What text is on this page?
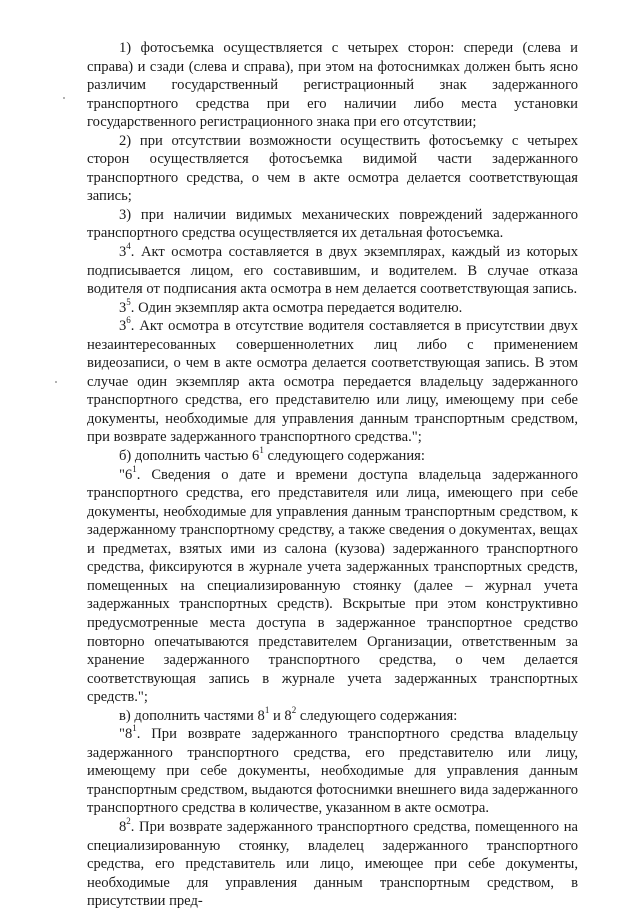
1) фотосъемка осуществляется с четырех сторон: спереди (слева и справа) и сзади (слева и справа), при этом на фотоснимках должен быть ясно различим государственный регистрационный знак задержанного транспортного средства при его наличии либо места установки государственного регистрационного знака при его отсутствии;

2) при отсутствии возможности осуществить фотосъемку с четырех сторон осуществляется фотосъемка видимой части задержанного транспортного средства, о чем в акте осмотра делается соответствующая запись;

3) при наличии видимых механических повреждений задержанного транспортного средства осуществляется их детальная фотосъемка.

$3^4$. Акт осмотра составляется в двух экземплярах, каждый из которых подписывается лицом, его составившим, и водителем. В случае отказа водителя от подписания акта осмотра в нем делается соответствующая запись.

$3^5$. Один экземпляр акта осмотра передается водителю.

$3^6$. Акт осмотра в отсутствие водителя составляется в присутствии двух незаинтересованных совершеннолетних лиц либо с применением видеозаписи, о чем в акте осмотра делается соответствующая запись. В этом случае один экземпляр акта осмотра передается владельцу задержанного транспортного средства, его представителю или лицу, имеющему при себе документы, необходимые для управления данным транспортным средством, при возврате задержанного транспортного средства.";

б) дополнить частью $6^1$ следующего содержания:

"$6^1$. Сведения о дате и времени доступа владельца задержанного транспортного средства, его представителя или лица, имеющего при себе документы, необходимые для управления данным транспортным средством, к задержанному транспортному средству, а также сведения о документах, вещах и предметах, взятых ими из салона (кузова) задержанного транспортного средства, фиксируются в журнале учета задержанных транспортных средств, помещенных на специализированную стоянку (далее – журнал учета задержанных транспортных средств). Вскрытые при этом конструктивно предусмотренные места доступа в задержанное транспортное средство повторно опечатываются представителем Организации, ответственным за хранение задержанного транспортного средства, о чем делается соответствующая запись в журнале учета задержанных транспортных средств.";

в) дополнить частями $8^1$ и $8^2$ следующего содержания:

"$8^1$. При возврате задержанного транспортного средства владельцу задержанного транспортного средства, его представителю или лицу, имеющему при себе документы, необходимые для управления данным транспортным средством, выдаются фотоснимки внешнего вида задержанного транспортного средства в количестве, указанном в акте осмотра.

$8^2$. При возврате задержанного транспортного средства, помещенного на специализированную стоянку, владелец задержанного транспортного средства, его представитель или лицо, имеющее при себе документы, необходимые для управления данным транспортным средством, в присутствии пред-
